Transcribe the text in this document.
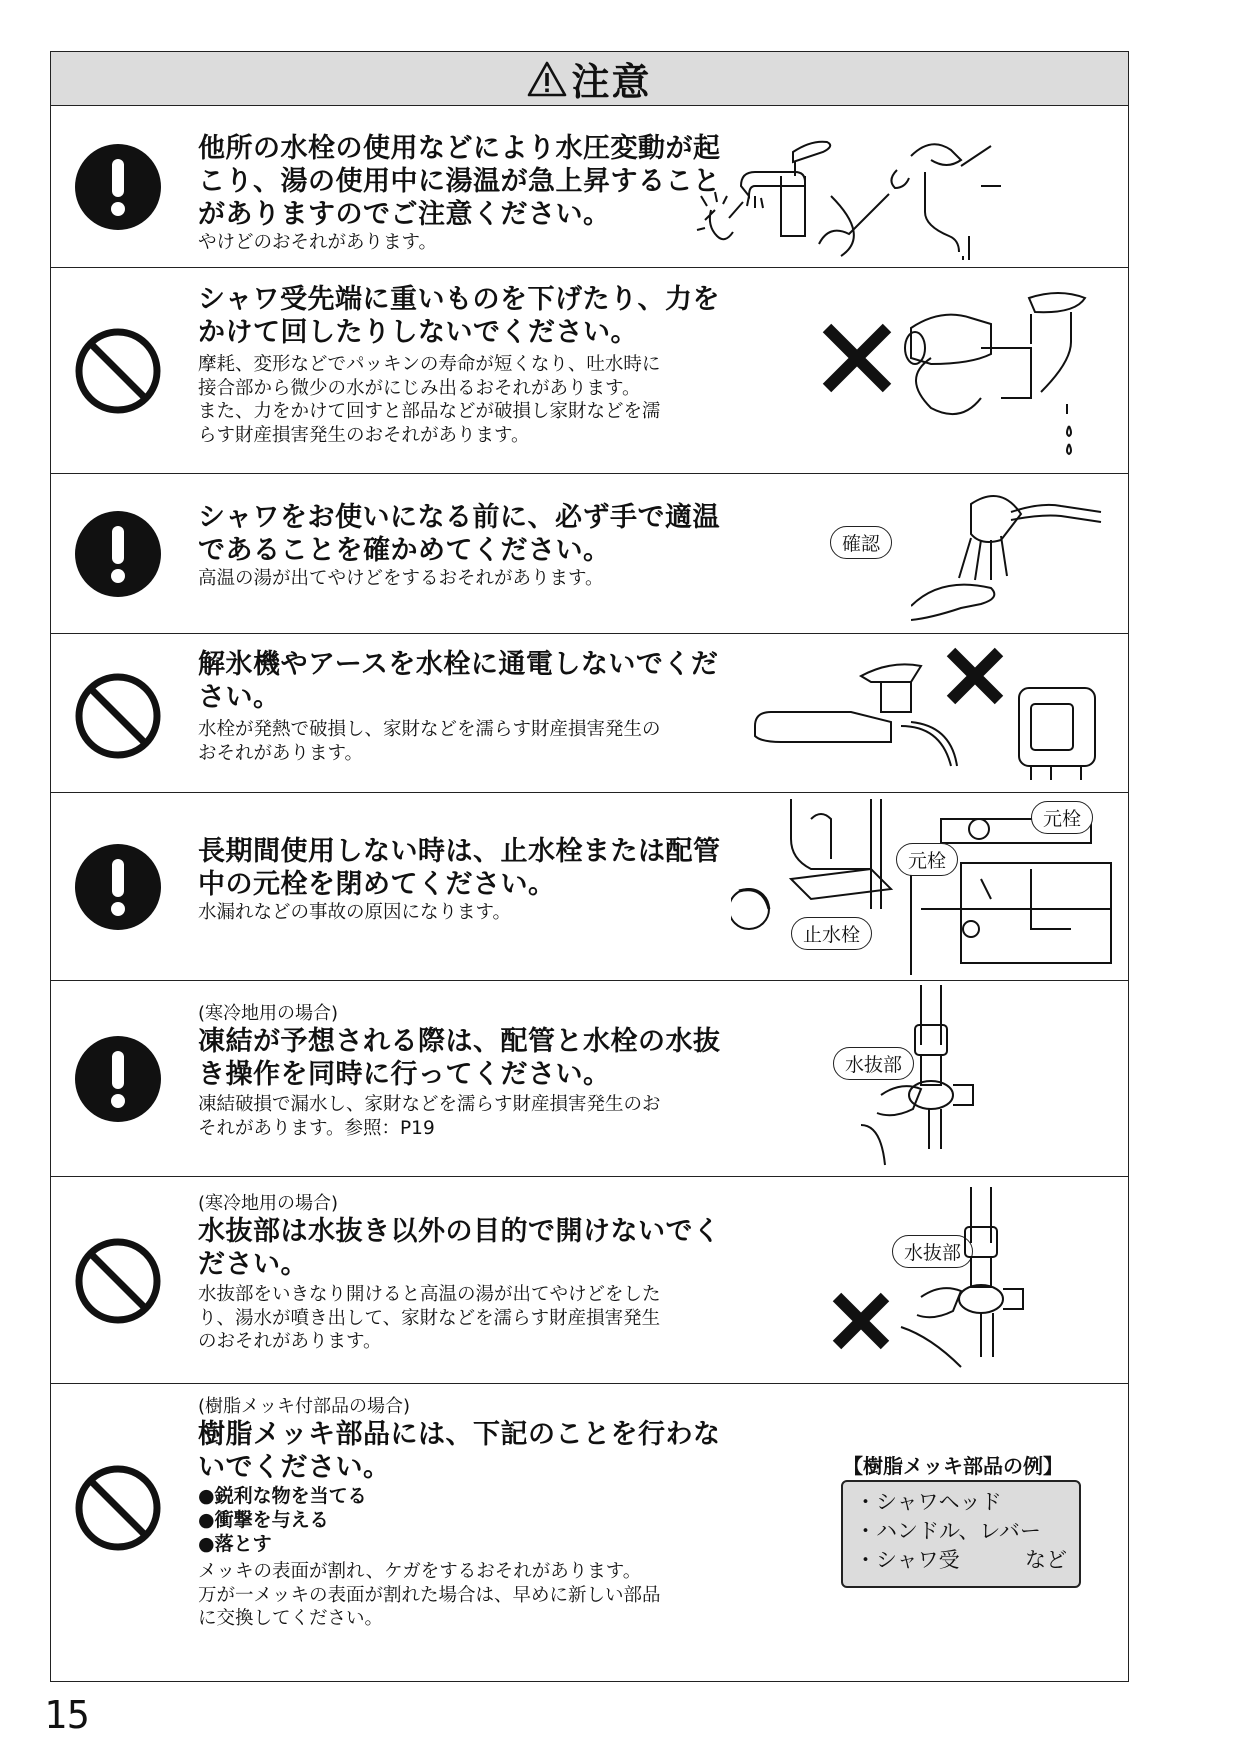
注意
他所の水栓の使用などにより水圧変動が起
こり、湯の使用中に湯温が急上昇すること
がありますのでご注意ください。
やけどのおそれがあります。
シャワ受先端に重いものを下げたり、力を
かけて回したりしないでください。
摩耗、変形などでパッキンの寿命が短くなり、吐水時に
接合部から微少の水がにじみ出るおそれがあります。
また、力をかけて回すと部品などが破損し家財などを濡
らす財産損害発生のおそれがあります。
シャワをお使いになる前に、必ず手で適温
であることを確かめてください。
高温の湯が出てやけどをするおそれがあります。
確認
解氷機やアースを水栓に通電しないでくだ
さい。
水栓が発熱で破損し、家財などを濡らす財産損害発生の
おそれがあります。
長期間使用しない時は、止水栓または配管
中の元栓を閉めてください。
水漏れなどの事故の原因になります。
元栓
元栓
止水栓
(寒冷地用の場合)
凍結が予想される際は、配管と水栓の水抜
き操作を同時に行ってください。
凍結破損で漏水し、家財などを濡らす財産損害発生のお
それがあります。参照：P19
水抜部
(寒冷地用の場合)
水抜部は水抜き以外の目的で開けないでく
ださい。
水抜部をいきなり開けると高温の湯が出てやけどをした
り、湯水が噴き出して、家財などを濡らす財産損害発生
のおそれがあります。
水抜部
(樹脂メッキ付部品の場合)
樹脂メッキ部品には、下記のことを行わな
いでください。
●鋭利な物を当てる
●衝撃を与える
●落とす
メッキの表面が割れ、ケガをするおそれがあります。
万が一メッキの表面が割れた場合は、早めに新しい部品
に交換してください。
【樹脂メッキ部品の例】
・シャワヘッド
・ハンドル、レバー
・シャワ受	など
15
